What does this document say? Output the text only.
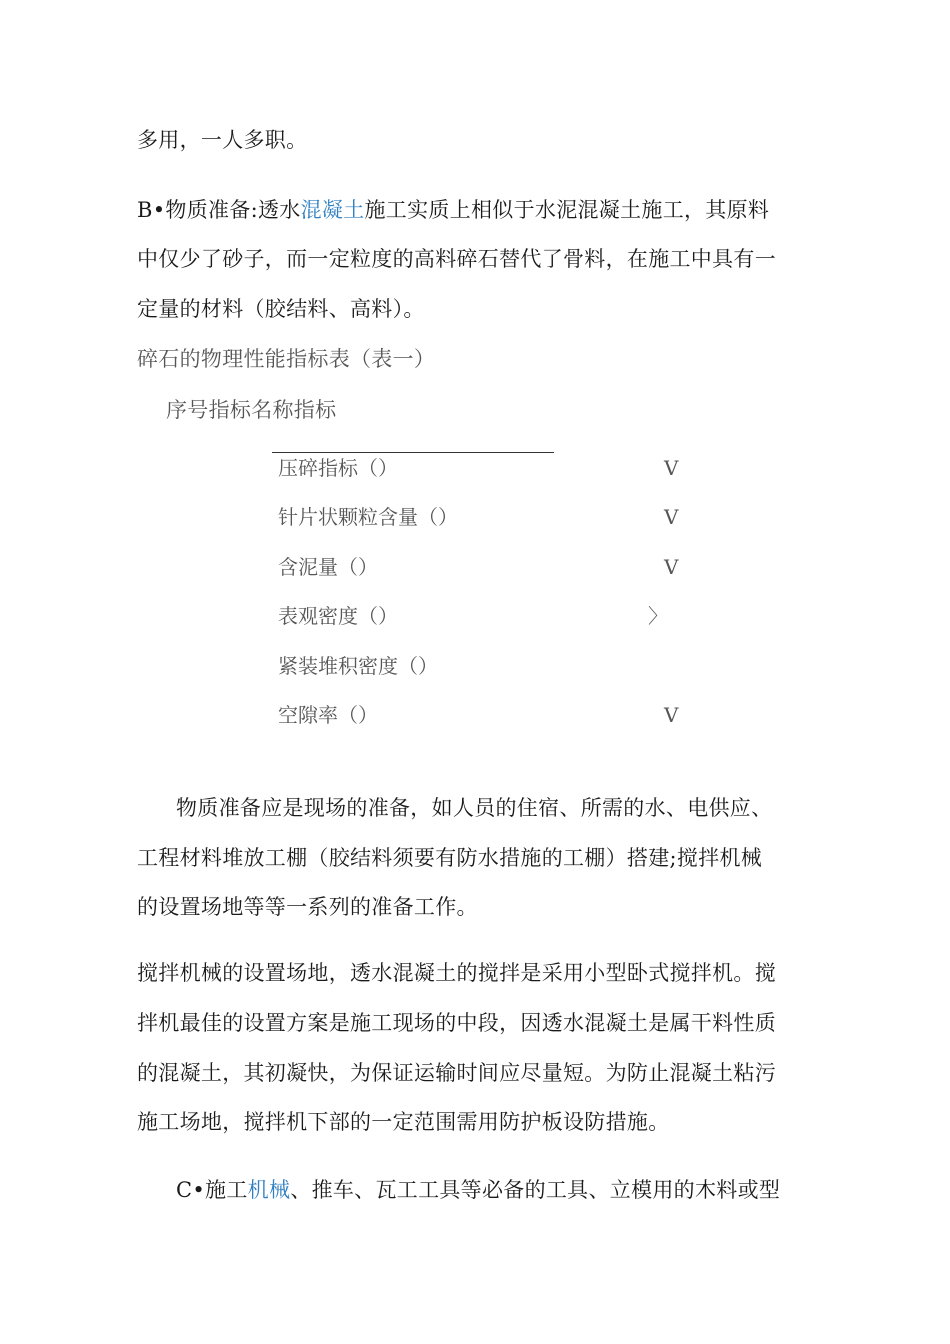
多用，一人多职。
B•物质准备:透水混凝土施工实质上相似于水泥混凝土施工，其原料
中仅少了砂子，而一定粒度的高料碎石替代了骨料，在施工中具有一
定量的材料（胶结料、高料）。
碎石的物理性能指标表（表一）
序号指标名称指标
压碎指标（）	V
针片状颗粒含量（）	V
含泥量（）	V
表观密度（）	〉
紧装堆积密度（）
空隙率（）	V
物质准备应是现场的准备，如人员的住宿、所需的水、电供应、
工程材料堆放工棚（胶结料须要有防水措施的工棚）搭建;搅拌机械
的设置场地等等一系列的准备工作。
搅拌机械的设置场地，透水混凝土的搅拌是采用小型卧式搅拌机。搅
拌机最佳的设置方案是施工现场的中段，因透水混凝土是属干料性质
的混凝土，其初凝快，为保证运输时间应尽量短。为防止混凝土粘污
施工场地，搅拌机下部的一定范围需用防护板设防措施。
C•施工机械、推车、瓦工工具等必备的工具、立模用的木料或型
